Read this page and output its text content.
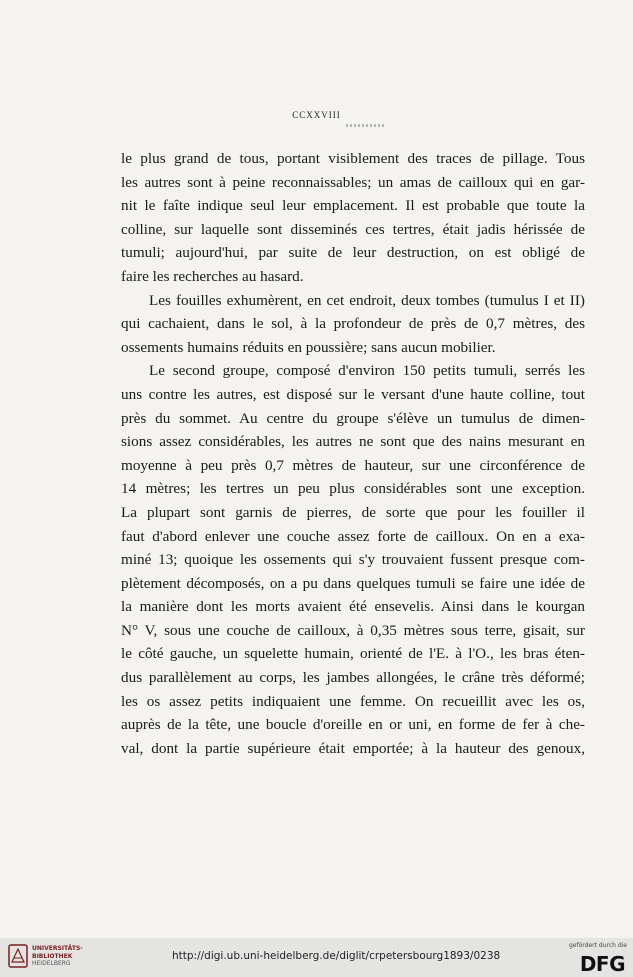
CCXXVIII
le plus grand de tous, portant visiblement des traces de pillage. Tous
les autres sont à peine reconnaissables; un amas de cailloux qui en gar-
nit le faîte indique seul leur emplacement. Il est probable que toute la
colline, sur laquelle sont disseminés ces tertres, était jadis hérissée de
tumuli; aujourd'hui, par suite de leur destruction, on est obligé de
faire les recherches au hasard.
Les fouilles exhumèrent, en cet endroit, deux tombes (tumulus I et II)
qui cachaient, dans le sol, à la profondeur de près de 0,7 mètres, des
ossements humains réduits en poussière; sans aucun mobilier.
Le second groupe, composé d'environ 150 petits tumuli, serrés les
uns contre les autres, est disposé sur le versant d'une haute colline, tout
près du sommet. Au centre du groupe s'élève un tumulus de dimen-
sions assez considérables, les autres ne sont que des nains mesurant en
moyenne à peu près 0,7 mètres de hauteur, sur une circonférence de
14 mètres; les tertres un peu plus considérables sont une exception.
La plupart sont garnis de pierres, de sorte que pour les fouiller il
faut d'abord enlever une couche assez forte de cailloux. On en a exa-
miné 13; quoique les ossements qui s'y trouvaient fussent presque com-
plètement décomposés, on a pu dans quelques tumuli se faire une idée de
la manière dont les morts avaient été ensevelis. Ainsi dans le kourgan
N° V, sous une couche de cailloux, à 0,35 mètres sous terre, gisait, sur
le côté gauche, un squelette humain, orienté de l'E. à l'O., les bras éten-
dus parallèlement au corps, les jambes allongées, le crâne très déformé;
les os assez petits indiquaient une femme. On recueillit avec les os,
auprès de la tête, une boucle d'oreille en or uni, en forme de fer à che-
val, dont la partie supérieure était emportée; à la hauteur des genoux,
UNIVERSITÄTS-
BIBLIOTHEK
HEIDELBERG
http://digi.ub.uni-heidelberg.de/diglit/crpetersbourg1893/0238
gefördert durch die
DFG
